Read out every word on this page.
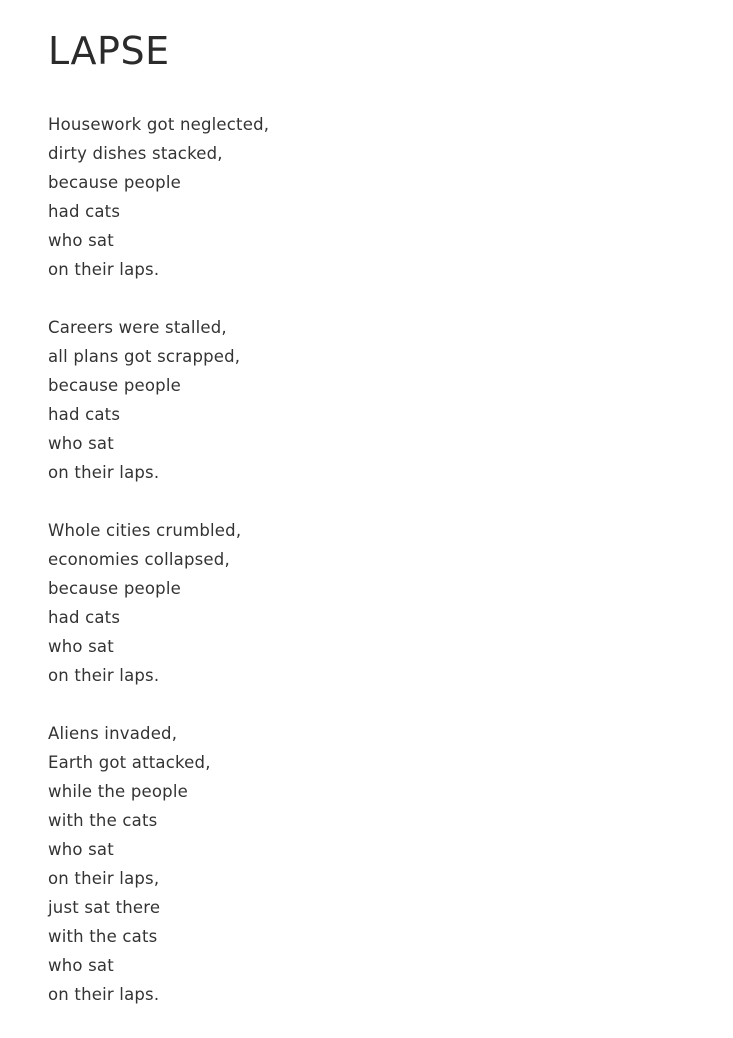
LAPSE
Housework got neglected,
dirty dishes stacked,
because people
had cats
who sat
on their laps.
Careers were stalled,
all plans got scrapped,
because people
had cats
who sat
on their laps.
Whole cities crumbled,
economies collapsed,
because people
had cats
who sat
on their laps.
Aliens invaded,
Earth got attacked,
while the people
with the cats
who sat
on their laps,
just sat there
with the cats
who sat
on their laps.
